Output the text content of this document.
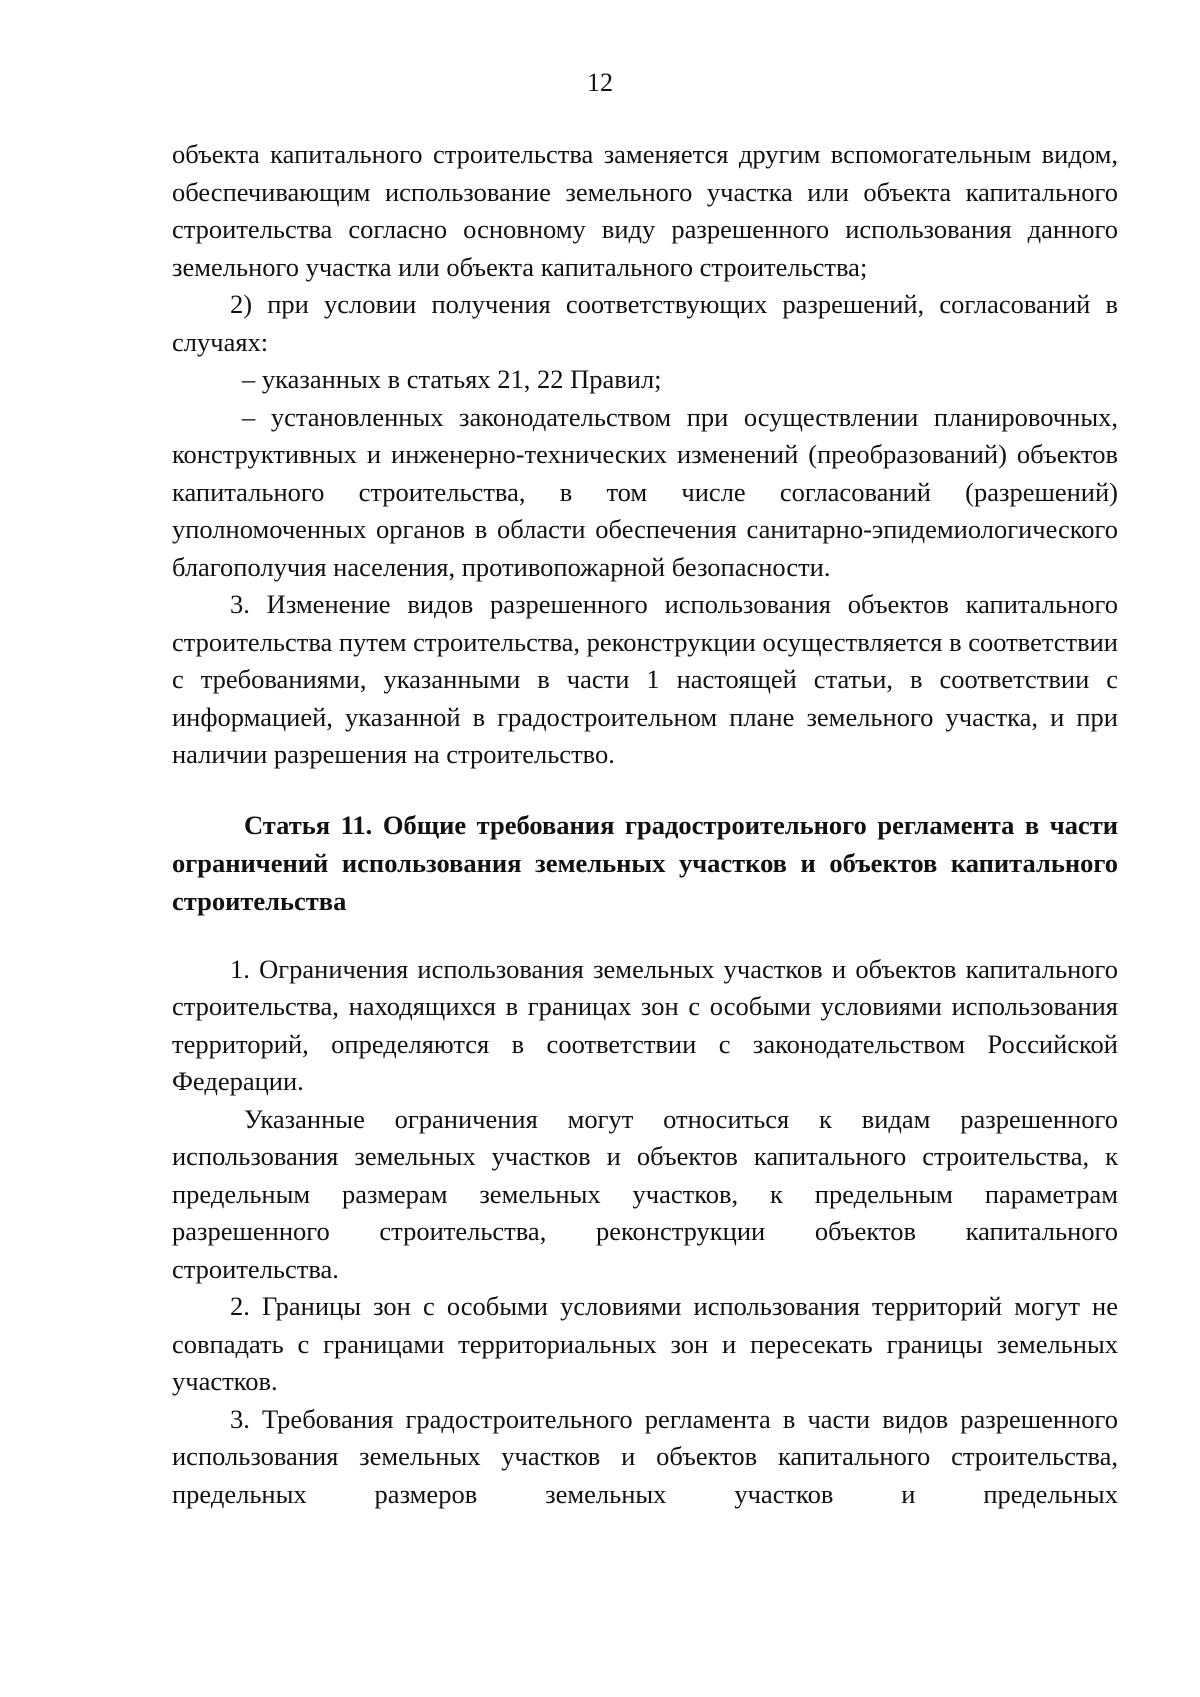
12

объекта капитального строительства заменяется другим вспомогательным видом, обеспечивающим использование земельного участка или объекта капитального строительства согласно основному виду разрешенного использования данного земельного участка или объекта капитального строительства;

2) при условии получения соответствующих разрешений, согласований в случаях:

– указанных в статьях 21, 22 Правил;

– установленных законодательством при осуществлении планировочных, конструктивных и инженерно-технических изменений (преобразований) объектов капитального строительства, в том числе согласований (разрешений) уполномоченных органов в области обеспечения санитарно-эпидемиологического благополучия населения, противопожарной безопасности.

3. Изменение видов разрешенного использования объектов капитального строительства путем строительства, реконструкции осуществляется в соответствии с требованиями, указанными в части 1 настоящей статьи, в соответствии с информацией, указанной в градостроительном плане земельного участка, и при наличии разрешения на строительство.

Статья 11. Общие требования градостроительного регламента в части ограничений использования земельных участков и объектов капитального строительства

1. Ограничения использования земельных участков и объектов капитального строительства, находящихся в границах зон с особыми условиями использования территорий, определяются в соответствии с законодательством Российской Федерации.

Указанные ограничения могут относиться к видам разрешенного использования земельных участков и объектов капитального строительства, к предельным размерам земельных участков, к предельным параметрам разрешенного строительства, реконструкции объектов капитального строительства.

2. Границы зон с особыми условиями использования территорий могут не совпадать с границами территориальных зон и пересекать границы земельных участков.

3. Требования градостроительного регламента в части видов разрешенного использования земельных участков и объектов капитального строительства, предельных размеров земельных участков и предельных
